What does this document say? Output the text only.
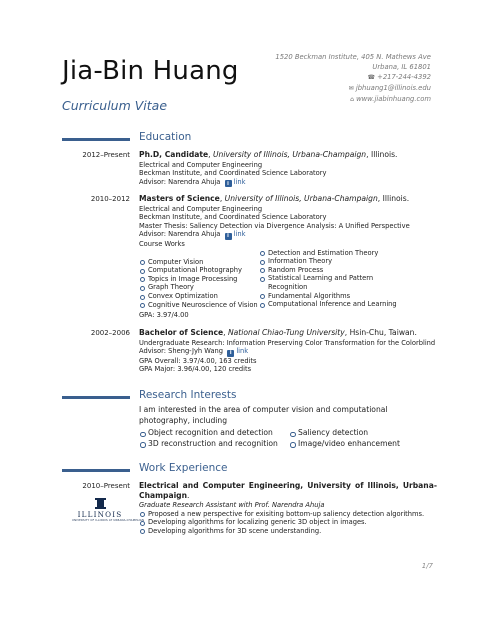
Jia-Bin Huang
Curriculum Vitae
1520 Beckman Institute, 405 N. Mathews Ave
Urbana, IL 61801
☎ +217-244-4392
✉ jbhuang1@illinois.edu
⌂ www.jiabinhuang.com
Education
2012–Present Ph.D, Candidate, University of Illinois, Urbana-Champaign, Illinois.
Electrical and Computer Engineering
Beckman Institute, and Coordinated Science Laboratory
Advisor: Narendra Ahuja i link
2010–2012 Masters of Science, University of Illinois, Urbana-Champaign, Illinois.
Electrical and Computer Engineering
Beckman Institute, and Coordinated Science Laboratory
Master Thesis: Saliency Detection via Divergence Analysis: A Unified Perspective
Advisor: Narendra Ahuja i link
Course Works
Computer Vision
Computational Photography
Topics in Image Processing
Graph Theory
Convex Optimization
Cognitive Neuroscience of Vision
Detection and Estimation Theory
Information Theory
Random Process
Statistical Learning and Pattern Recognition
Fundamental Algorithms
Computational Inference and Learning
GPA: 3.97/4.00
2002–2006 Bachelor of Science, National Chiao-Tung University, Hsin-Chu, Taiwan.
Undergraduate Research: Information Preserving Color Transformation for the Colorblind
Advisor: Sheng-Jyh Wang i link
GPA Overall: 3.97/4.00, 163 credits
GPA Major: 3.96/4.00, 120 credits
Research Interests
I am interested in the area of computer vision and computational photography, including
Object recognition and detection
3D reconstruction and recognition
Saliency detection
Image/video enhancement
Work Experience
2010–Present
ILLINOIS
UNIVERSITY OF ILLINOIS AT URBANA-CHAMPAIGN
Electrical and Computer Engineering, University of Illinois, Urbana-Champaign.
Graduate Research Assistant with Prof. Narendra Ahuja
Proposed a new perspective for exisiting bottom-up saliency detection algorithms.
Developing algorithms for localizing generic 3D object in images.
Developing algorithms for 3D scene understanding.
1/7
